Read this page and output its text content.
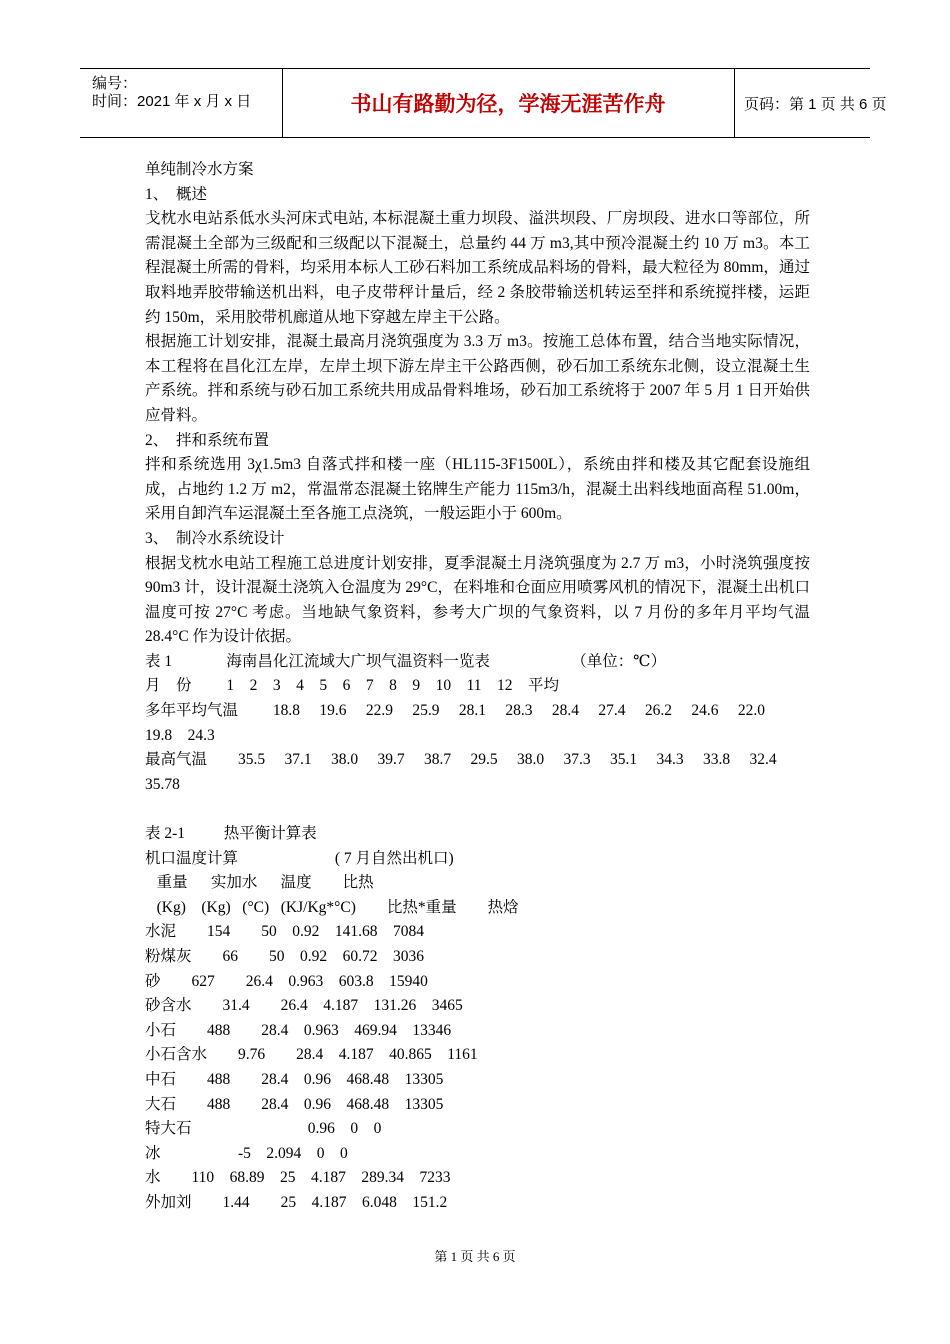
编号：
时间：2021 年 x 月 x 日	书山有路勤为径，学海无涯苦作舟	页码：第 1 页 共 6 页
单纯制冷水方案
1、  概述
戈枕水电站系低水头河床式电站, 本标混凝土重力坝段、溢洪坝段、厂房坝段、进水口等部位，所需混凝土全部为三级配和三级配以下混凝土，总量约 44 万 m3,其中预冷混凝土约 10 万 m3。本工程混凝土所需的骨料，均采用本标人工砂石料加工系统成品料场的骨料，最大粒径为 80mm，通过取料地弄胶带输送机出料，电子皮带秤计量后，经 2 条胶带输送机转运至拌和系统搅拌楼，运距约 150m，采用胶带机廊道从地下穿越左岸主干公路。
根据施工计划安排，混凝土最高月浇筑强度为 3.3 万 m3。按施工总体布置，结合当地实际情况，本工程将在昌化江左岸，左岸土坝下游左岸主干公路西侧，砂石加工系统东北侧，设立混凝土生产系统。拌和系统与砂石加工系统共用成品骨料堆场，砂石加工系统将于 2007 年 5 月 1 日开始供应骨料。
2、  拌和系统布置
拌和系统选用 3χ1.5m3 自落式拌和楼一座（HL115-3F1500L），系统由拌和楼及其它配套设施组成，占地约 1.2 万 m2，常温常态混凝土铭牌生产能力 115m3/h，混凝土出料线地面高程 51.00m，采用自卸汽车运混凝土至各施工点浇筑，一般运距小于 600m。
3、  制冷水系统设计
根据戈枕水电站工程施工总进度计划安排，夏季混凝土月浇筑强度为 2.7 万 m3，小时浇筑强度按 90m3 计，设计混凝土浇筑入仓温度为 29°C，在料堆和仓面应用喷雾风机的情况下，混凝土出机口温度可按 27°C 考虑。当地缺气象资料，参考大广坝的气象资料，以 7 月份的多年月平均气温 28.4°C 作为设计依据。
表 1              海南昌化江流域大广坝气温资料一览表                     （单位：℃）
月    份         1    2    3    4    5    6    7    8    9    10    11    12    平均
多年平均气温         18.8     19.6     22.9     25.9     28.1     28.3     28.4     27.4     26.2     24.6     22.0
19.8    24.3
最高气温        35.5     37.1     38.0     39.7     38.7     29.5     38.0     37.3     35.1     34.3     33.8     32.4
35.78
表 2-1          热平衡计算表
机口温度计算                         ( 7 月自然出机口)
重量      实加水      温度        比热
(Kg)    (Kg)   (°C)   (KJ/Kg*°C)        比热*重量        热焓
水泥        154        50    0.92    141.68    7084
粉煤灰        66        50    0.92    60.72    3036
砂        627        26.4    0.963    603.8    15940
砂含水        31.4        26.4    4.187    131.26    3465
小石        488        28.4    0.963    469.94    13346
小石含水        9.76        28.4    4.187    40.865    1161
中石        488        28.4    0.96    468.48    13305
大石        488        28.4    0.96    468.48    13305
特大石                              0.96    0    0
冰                    -5    2.094    0    0
水        110    68.89    25    4.187    289.34    7233
外加刘        1.44        25    4.187    6.048    151.2
第 1 页 共 6 页
